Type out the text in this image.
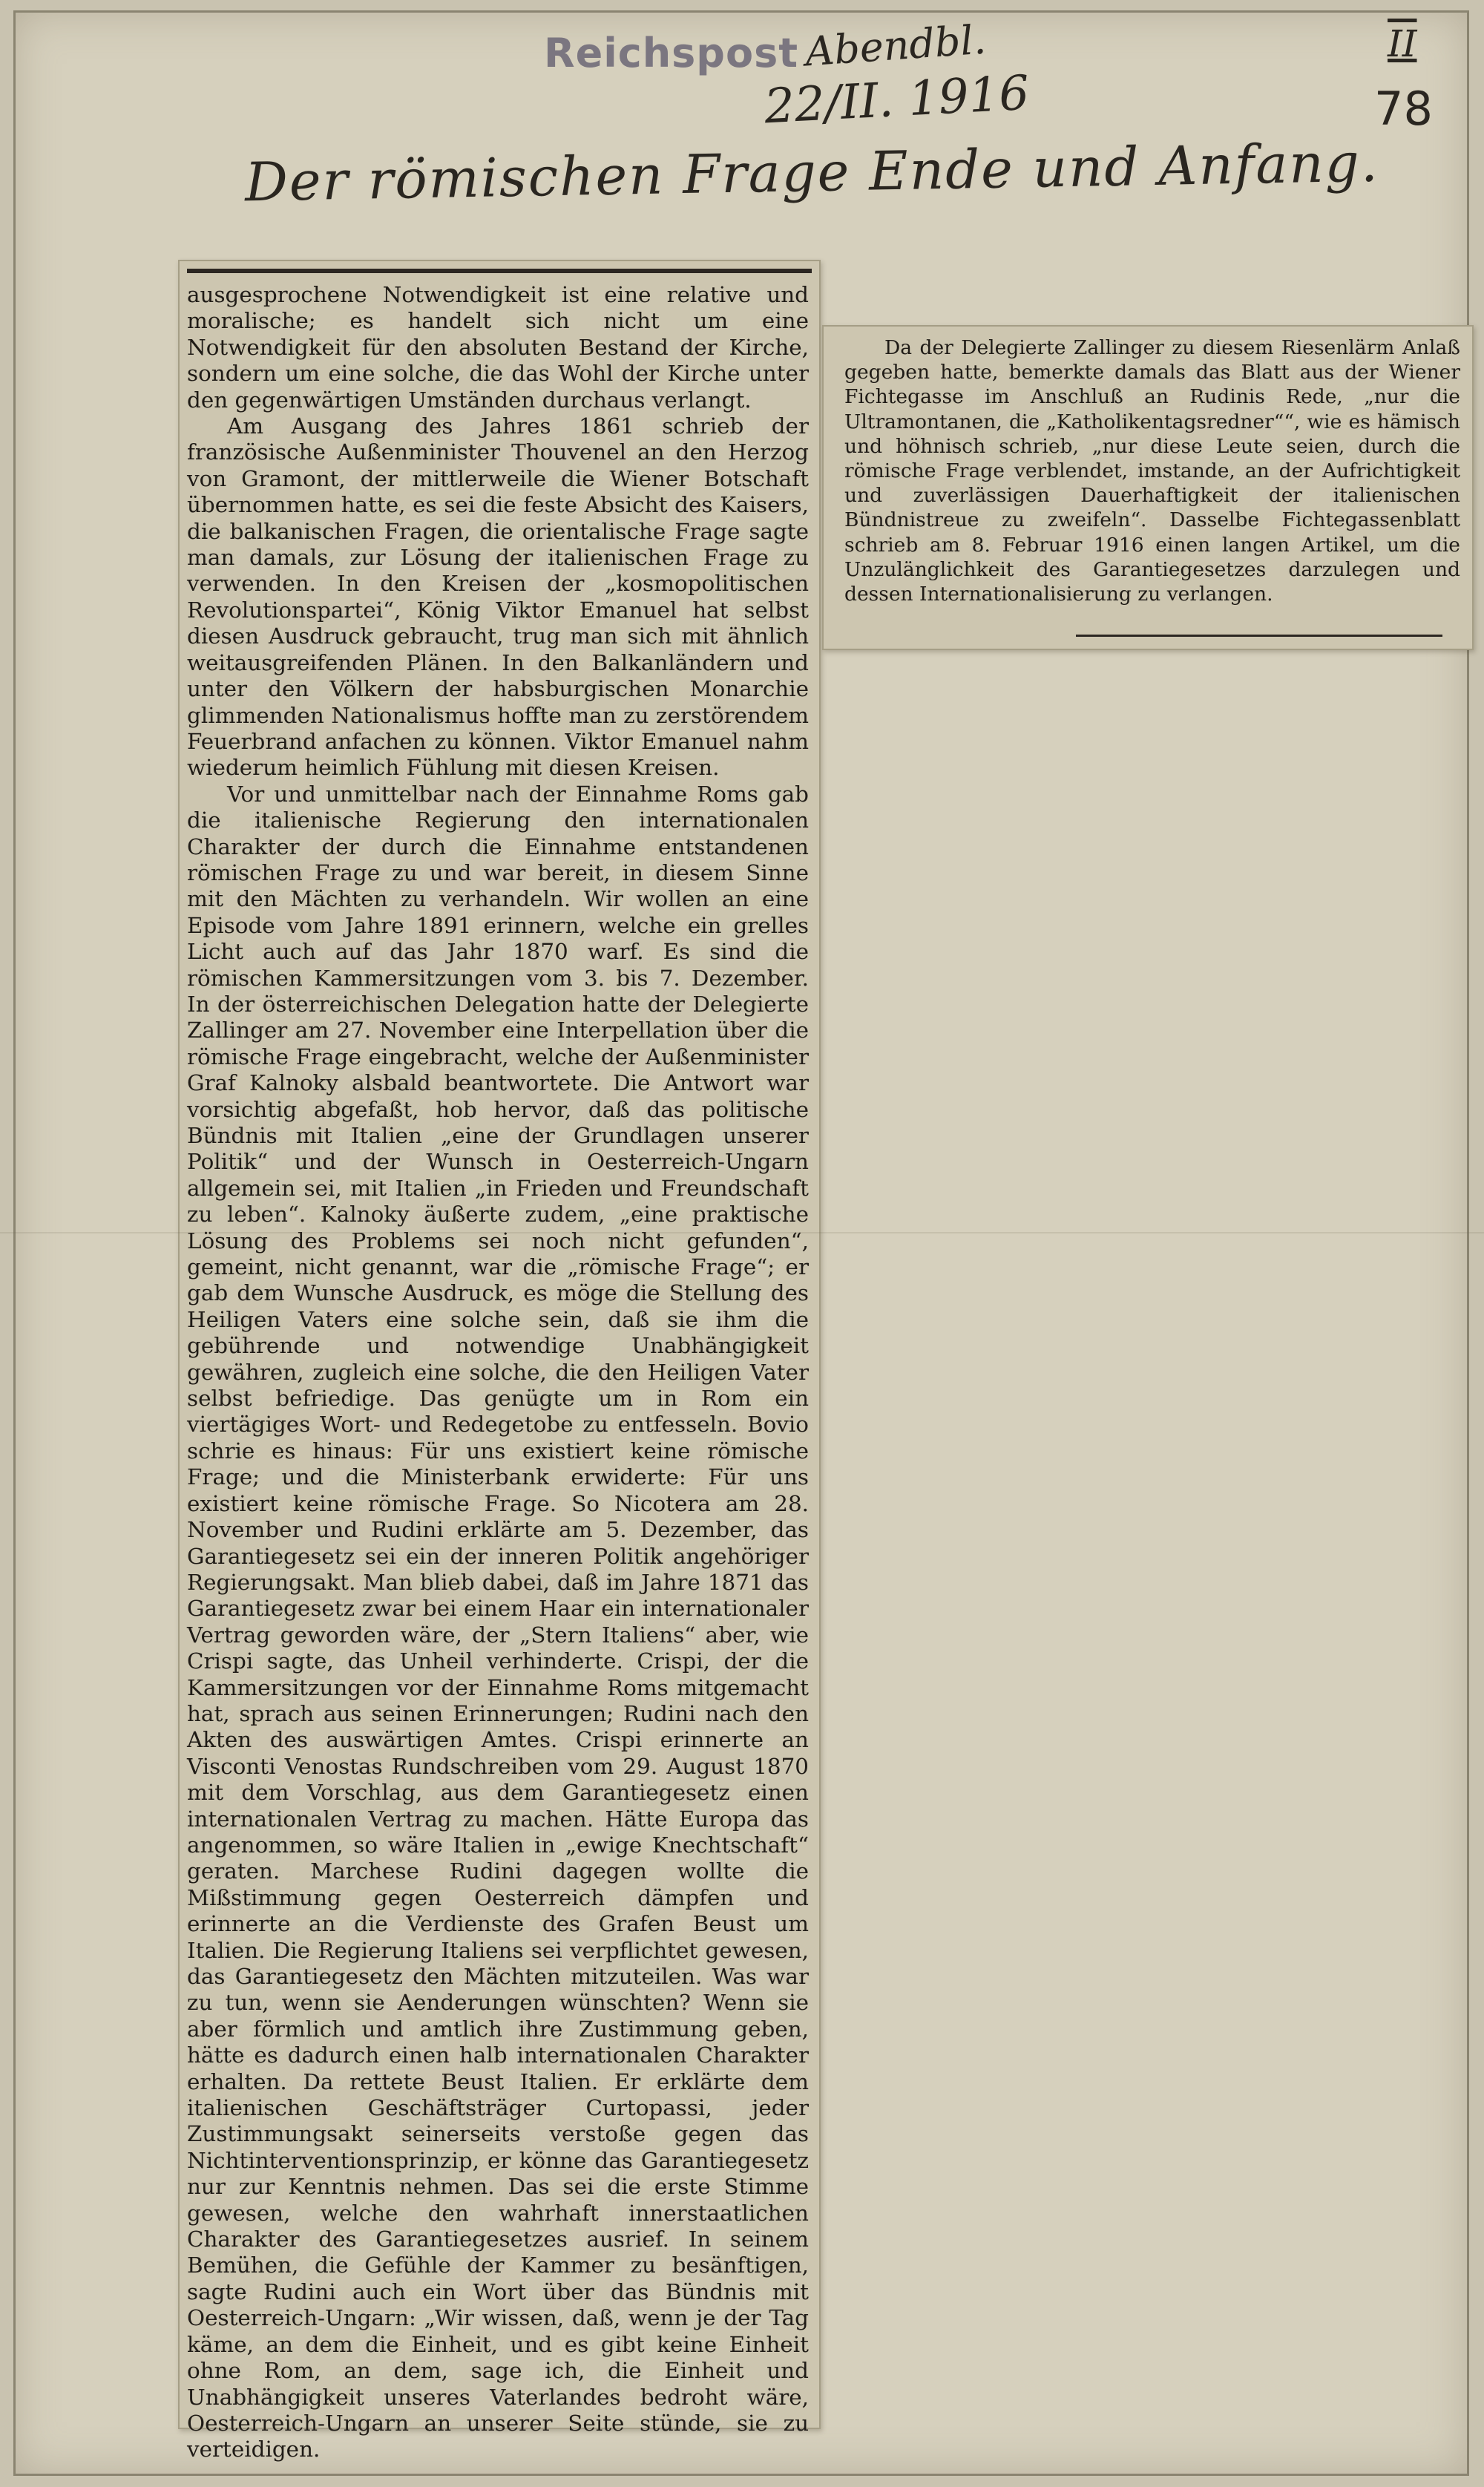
Reichspost Abendbl.
22/II. 1916
II
78
Der römischen Frage Ende und Anfang.

ausgesprochene Notwendigkeit ist eine relative und moralische; es handelt sich nicht um eine Notwendigkeit für den absoluten Bestand der Kirche, sondern um eine solche, die das Wohl der Kirche unter den gegenwärtigen Umständen durchaus verlangt.

Am Ausgang des Jahres 1861 schrieb der französische Außenminister Thouvenel an den Herzog von Gramont, der mittlerweile die Wiener Botschaft übernommen hatte, es sei die feste Absicht des Kaisers, die balkanischen Fragen, die orientalische Frage sagte man damals, zur Lösung der italienischen Frage zu verwenden. In den Kreisen der „kosmopolitischen Revolutionspartei“, König Viktor Emanuel hat selbst diesen Ausdruck gebraucht, trug man sich mit ähnlich weitausgreifenden Plänen. In den Balkanländern und unter den Völkern der habsburgischen Monarchie glimmenden Nationalismus hoffte man zu zerstörendem Feuerbrand anfachen zu können. Viktor Emanuel nahm wiederum heimlich Fühlung mit diesen Kreisen.

Vor und unmittelbar nach der Einnahme Roms gab die italienische Regierung den internationalen Charakter der durch die Einnahme entstandenen römischen Frage zu und war bereit, in diesem Sinne mit den Mächten zu verhandeln. Wir wollen an eine Episode vom Jahre 1891 erinnern, welche ein grelles Licht auch auf das Jahr 1870 warf. Es sind die römischen Kammersitzungen vom 3. bis 7. Dezember. In der österreichischen Delegation hatte der Delegierte Zallinger am 27. November eine Interpellation über die römische Frage eingebracht, welche der Außenminister Graf Kalnoky alsbald beantwortete. Die Antwort war vorsichtig abgefaßt, hob hervor, daß das politische Bündnis mit Italien „eine der Grundlagen unserer Politik“ und der Wunsch in Oesterreich-Ungarn allgemein sei, mit Italien „in Frieden und Freundschaft zu leben“. Kalnoky äußerte zudem, „eine praktische Lösung des Problems sei noch nicht gefunden“, gemeint, nicht genannt, war die „römische Frage“; er gab dem Wunsche Ausdruck, es möge die Stellung des Heiligen Vaters eine solche sein, daß sie ihm die gebührende und notwendige Unabhängigkeit gewähren, zugleich eine solche, die den Heiligen Vater selbst befriedige. Das genügte um in Rom ein viertägiges Wort- und Redegetobe zu entfesseln. Bovio schrie es hinaus: Für uns existiert keine römische Frage; und die Ministerbank erwiderte: Für uns existiert keine römische Frage. So Nicotera am 28. November und Rudini erklärte am 5. Dezember, das Garantiegesetz sei ein der inneren Politik angehöriger Regierungsakt. Man blieb dabei, daß im Jahre 1871 das Garantiegesetz zwar bei einem Haar ein internationaler Vertrag geworden wäre, der „Stern Italiens“ aber, wie Crispi sagte, das Unheil verhinderte. Crispi, der die Kammersitzungen vor der Einnahme Roms mitgemacht hat, sprach aus seinen Erinnerungen; Rudini nach den Akten des auswärtigen Amtes. Crispi erinnerte an Visconti Venostas Rundschreiben vom 29. August 1870 mit dem Vorschlag, aus dem Garantiegesetz einen internationalen Vertrag zu machen. Hätte Europa das angenommen, so wäre Italien in „ewige Knechtschaft“ geraten. Marchese Rudini dagegen wollte die Mißstimmung gegen Oesterreich dämpfen und erinnerte an die Verdienste des Grafen Beust um Italien. Die Regierung Italiens sei verpflichtet gewesen, das Garantiegesetz den Mächten mitzuteilen. Was war zu tun, wenn sie Aenderungen wünschten? Wenn sie aber förmlich und amtlich ihre Zustimmung geben, hätte es dadurch einen halb internationalen Charakter erhalten. Da rettete Beust Italien. Er erklärte dem italienischen Geschäftsträger Curtopassi, jeder Zustimmungsakt seinerseits verstoße gegen das Nichtinterventionsprinzip, er könne das Garantiegesetz nur zur Kenntnis nehmen. Das sei die erste Stimme gewesen, welche den wahrhaft innerstaatlichen Charakter des Garantiegesetzes ausrief. In seinem Bemühen, die Gefühle der Kammer zu besänftigen, sagte Rudini auch ein Wort über das Bündnis mit Oesterreich-Ungarn: „Wir wissen, daß, wenn je der Tag käme, an dem die Einheit, und es gibt keine Einheit ohne Rom, an dem, sage ich, die Einheit und Unabhängigkeit unseres Vaterlandes bedroht wäre, Oesterreich-Ungarn an unserer Seite stünde, sie zu verteidigen.

Da der Delegierte Zallinger zu diesem Riesenlärm Anlaß gegeben hatte, bemerkte damals das Blatt aus der Wiener Fichtegasse im Anschluß an Rudinis Rede, „nur die Ultramontanen, die „Katholikentagsredner““, wie es hämisch und höhnisch schrieb, „nur diese Leute seien, durch die römische Frage verblendet, imstande, an der Aufrichtigkeit und zuverlässigen Dauerhaftigkeit der italienischen Bündnistreue zu zweifeln“. Dasselbe Fichtegassenblatt schrieb am 8. Februar 1916 einen langen Artikel, um die Unzulänglichkeit des Garantiegesetzes darzulegen und dessen Internationalisierung zu verlangen.
